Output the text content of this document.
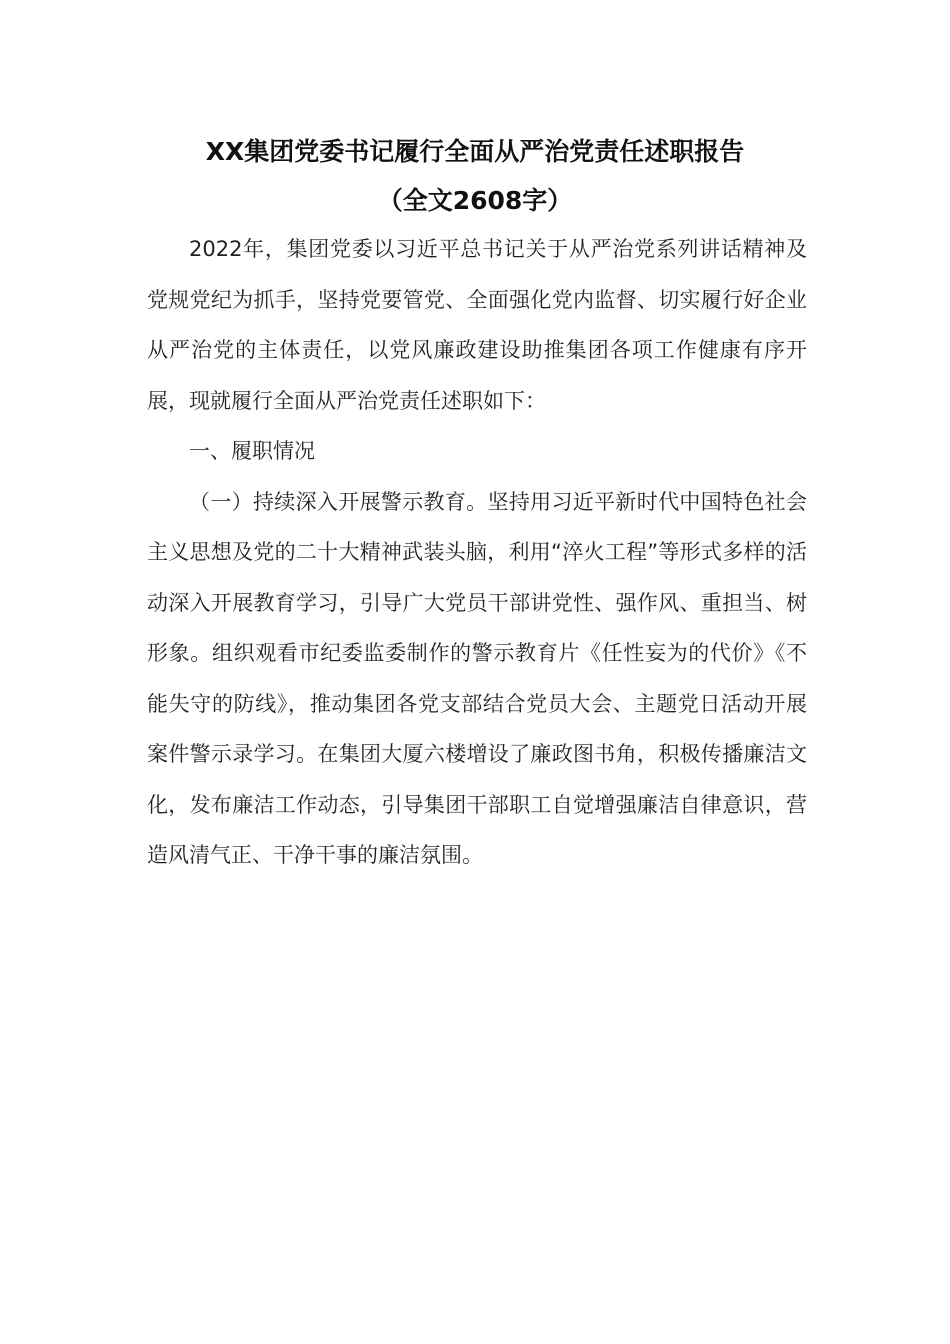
XX集团党委书记履行全面从严治党责任述职报告
（全文2608字）

2022年，集团党委以习近平总书记关于从严治党系列讲话精神及党规党纪为抓手，坚持党要管党、全面强化党内监督、切实履行好企业从严治党的主体责任，以党风廉政建设助推集团各项工作健康有序开展，现就履行全面从严治党责任述职如下：

一、履职情况

（一）持续深入开展警示教育。坚持用习近平新时代中国特色社会主义思想及党的二十大精神武装头脑，利用“淬火工程”等形式多样的活动深入开展教育学习，引导广大党员干部讲党性、强作风、重担当、树形象。组织观看市纪委监委制作的警示教育片《任性妄为的代价》《不能失守的防线》，推动集团各党支部结合党员大会、主题党日活动开展案件警示录学习。在集团大厦六楼增设了廉政图书角，积极传播廉洁文化，发布廉洁工作动态，引导集团干部职工自觉增强廉洁自律意识，营造风清气正、干净干事的廉洁氛围。
